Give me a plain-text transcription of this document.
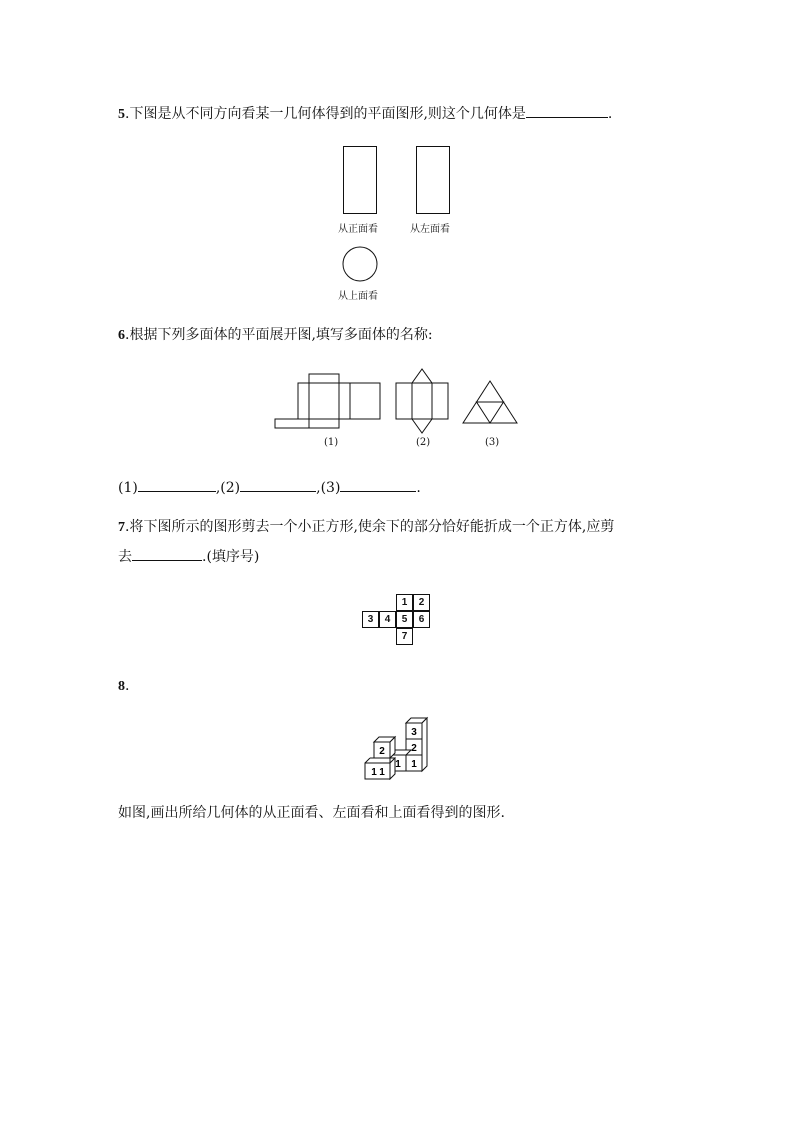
5.下图是从不同方向看某一几何体得到的平面图形,则这个几何体是	.
从正面看	从左面看
从上面看
6.根据下列多面体的平面展开图,填写多面体的名称:
(1)	(2)	(3)
(1)	,(2)	,(3)	.
7.将下图所示的图形剪去一个小正方形,使余下的部分恰好能折成一个正方体,应剪
去	.(填序号)
1	2
3	4	5	6
7
8.
3
2
2
1
1
1 1
如图,画出所给几何体的从正面看、左面看和上面看得到的图形.
